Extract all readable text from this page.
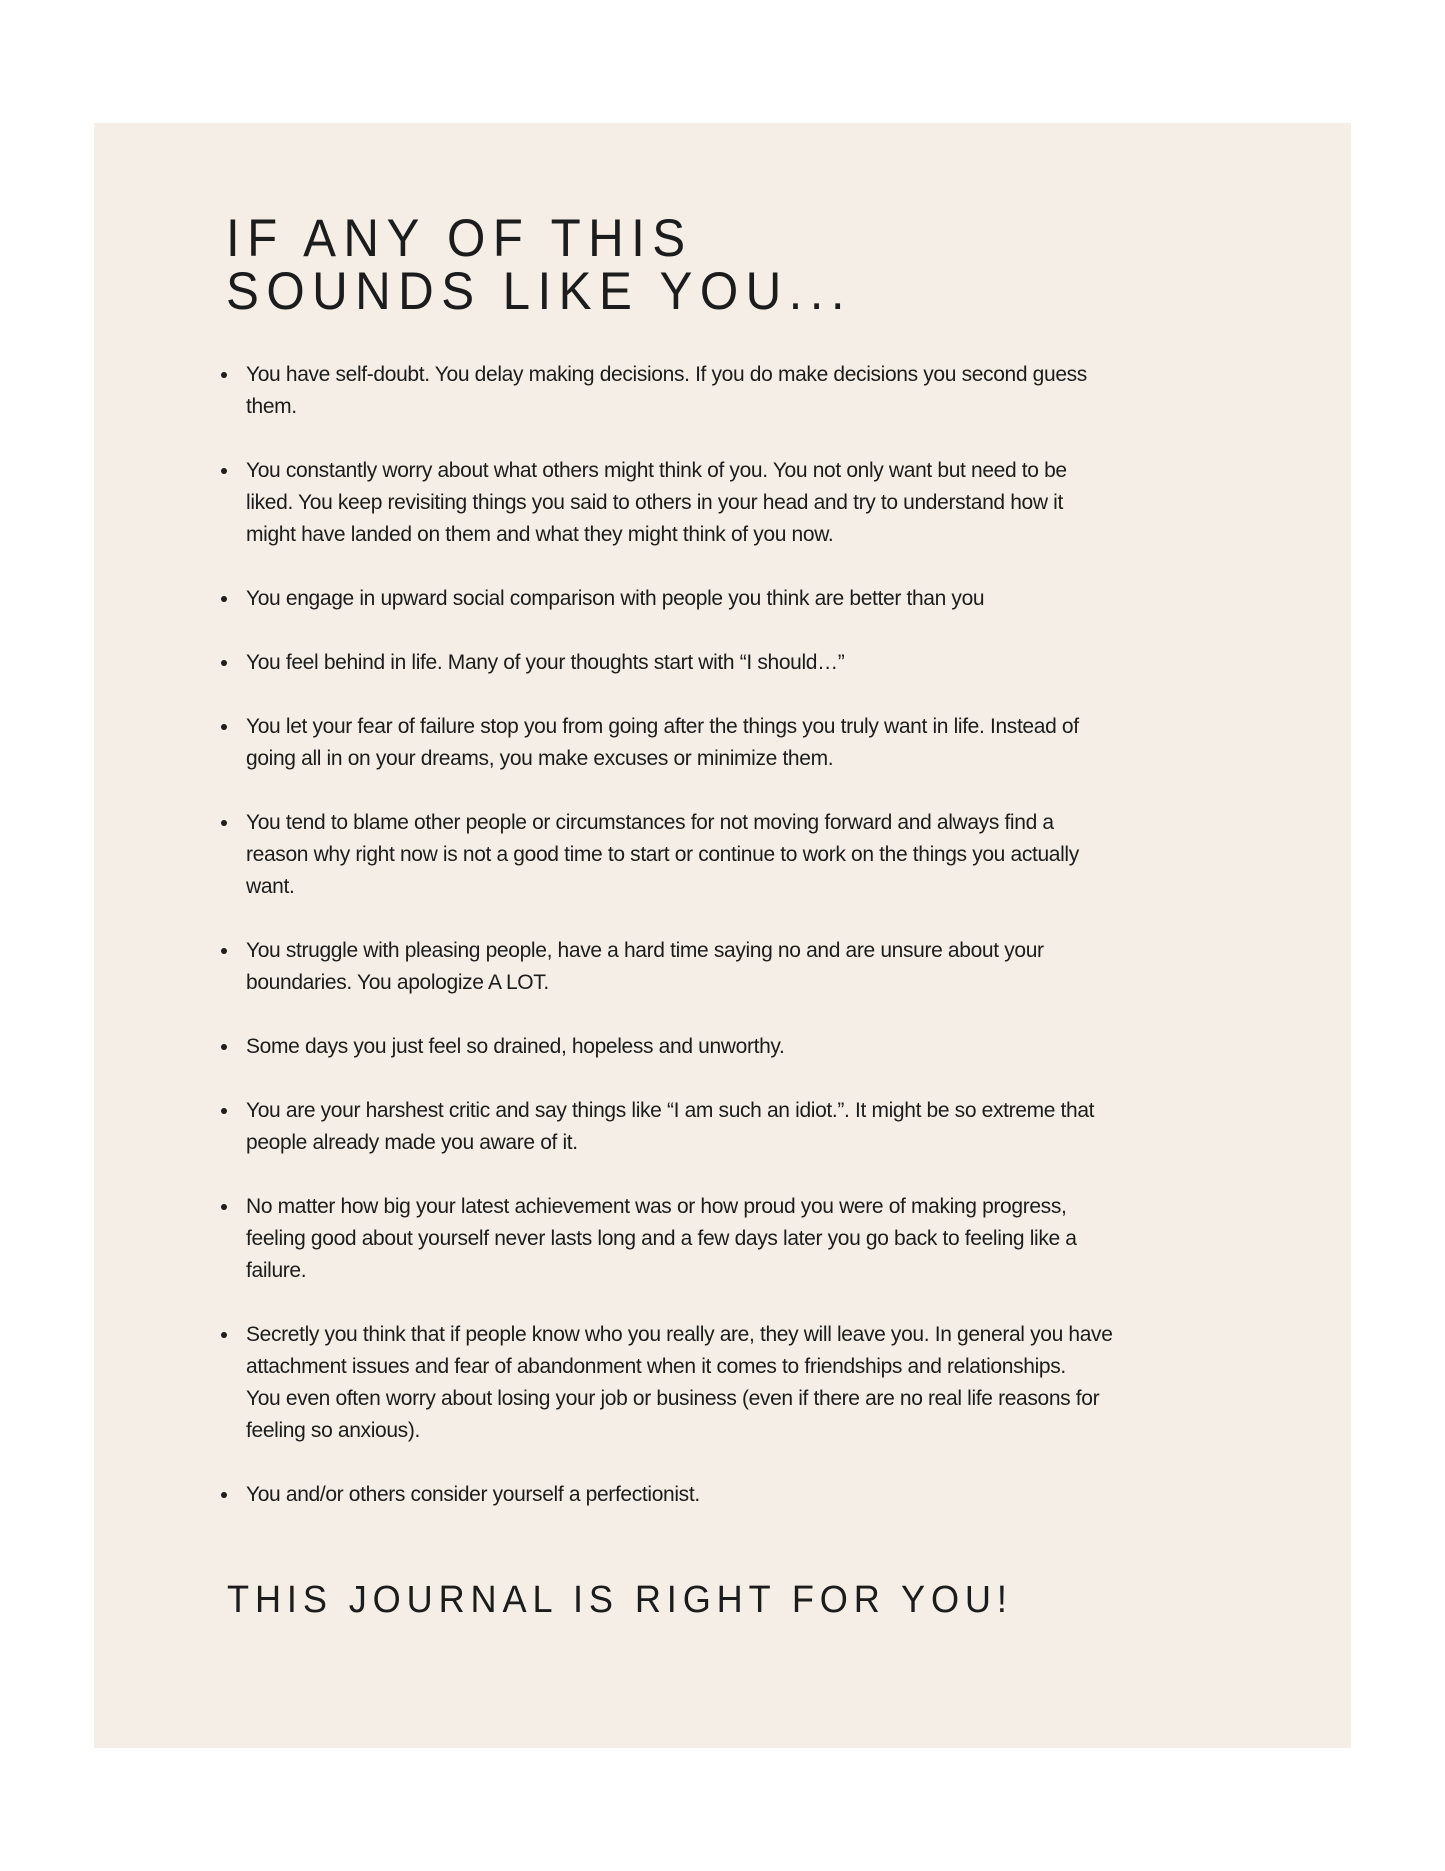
IF ANY OF THIS
SOUNDS LIKE YOU...
You have self-doubt. You delay making decisions. If you do make decisions you second guess
them.
You constantly worry about what others might think of you. You not only want but need to be
liked. You keep revisiting things you said to others in your head and try to understand how it
might have landed on them and what they might think of you now.
You engage in upward social comparison with people you think are better than you
You feel behind in life. Many of your thoughts start with “I should…”
You let your fear of failure stop you from going after the things you truly want in life. Instead of
going all in on your dreams, you make excuses or minimize them.
You tend to blame other people or circumstances for not moving forward and always find a
reason why right now is not a good time to start or continue to work on the things you actually
want.
You struggle with pleasing people, have a hard time saying no and are unsure about your
boundaries. You apologize A LOT.
Some days you just feel so drained, hopeless and unworthy.
You are your harshest critic and say things like “I am such an idiot.”. It might be so extreme that
people already made you aware of it.
No matter how big your latest achievement was or how proud you were of making progress,
feeling good about yourself never lasts long and a few days later you go back to feeling like a
failure.
Secretly you think that if people know who you really are, they will leave you. In general you have
attachment issues and fear of abandonment when it comes to friendships and relationships.
You even often worry about losing your job or business (even if there are no real life reasons for
feeling so anxious).
You and/or others consider yourself a perfectionist.
THIS JOURNAL IS RIGHT FOR YOU!
